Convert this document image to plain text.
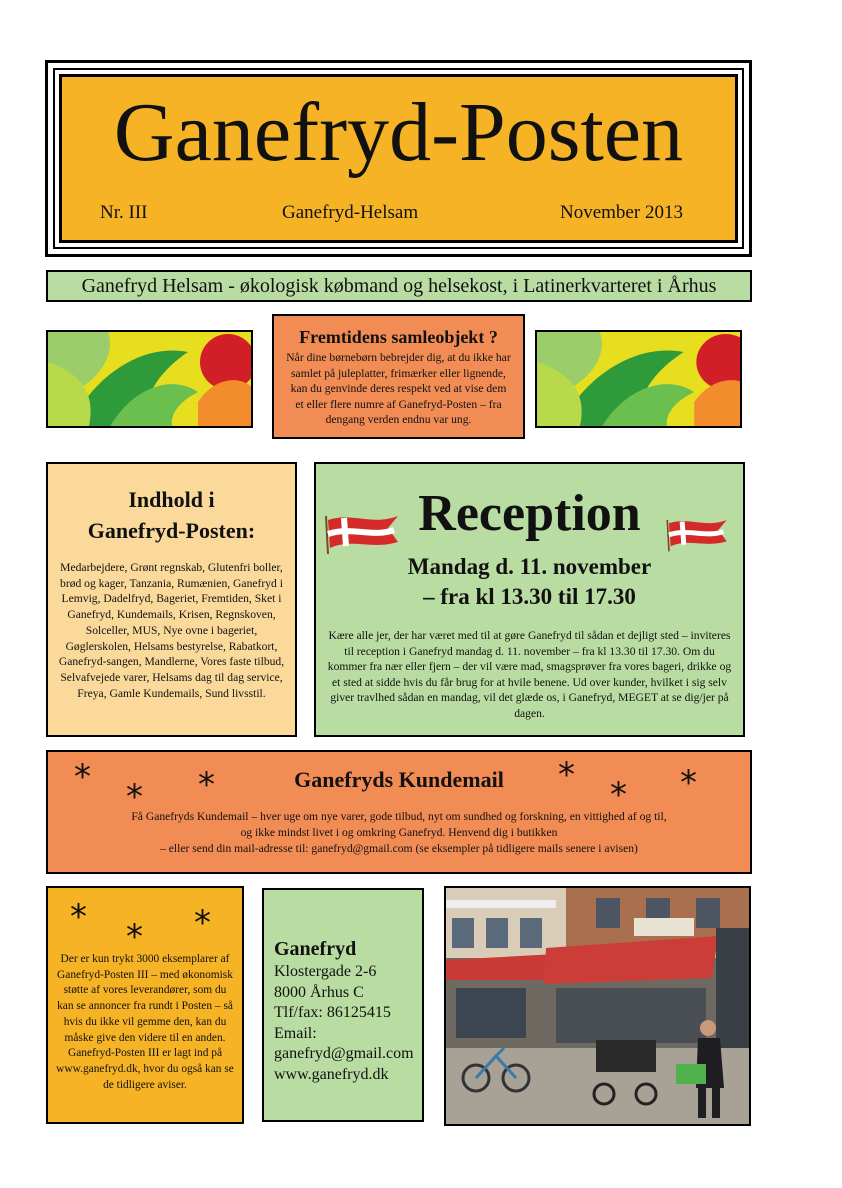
Ganefryd-Posten
Nr. III	Ganefryd-Helsam	November 2013
Ganefryd Helsam - økologisk købmand og helsekost, i Latinerkvarteret i Århus
Fremtidens samleobjekt ?

Når dine børnebørn bebrejder dig, at du ikke har samlet på juleplatter, frimærker eller lignende, kan du genvinde deres respekt ved at vise dem et eller flere numre af Ganefryd-Posten – fra dengang verden endnu var ung.

Indhold i
Ganefryd-Posten:

Medarbejdere, Grønt regnskab, Glutenfri boller, brød og kager, Tanzania, Rumænien, Ganefryd i Lemvig, Dadelfryd, Bageriet, Fremtiden, Sket i Ganefryd, Kundemails, Krisen, Regnskoven, Solceller, MUS, Nye ovne i bageriet, Gøglerskolen, Helsams bestyrelse, Rabatkort, Ganefryd-sangen, Mandlerne, Vores faste tilbud, Selvafvejede varer, Helsams dag til dag service, Freya, Gamle Kundemails, Sund livsstil.

Reception
Mandag d. 11. november
– fra kl 13.30 til 17.30
Kære alle jer, der har været med til at gøre Ganefryd til sådan et dejligt sted – inviteres til reception i Ganefryd mandag d. 11. november – fra kl 13.30 til 17.30. Om du kommer fra nær eller fjern – der vil være mad, smagsprøver fra vores bageri, drikke og et sted at sidde hvis du får brug for at hvile benene. Ud over kunder, hvilket i sig selv giver travlhed sådan en mandag, vil det glæde os, i Ganefryd, MEGET at se dig/jer på dagen.
Ganefryds Kundemail

Få Ganefryds Kundemail – hver uge om nye varer, gode tilbud, nyt om sundhed og forskning, en vittighed af og til,
og ikke mindst livet i og omkring Ganefryd. Henvend dig i butikken
– eller send din mail-adresse til: ganefryd@gmail.com (se eksempler på tidligere mails senere i avisen)

* * *	* * *
* * *

Der er kun trykt 3000 eksemplarer af Ganefryd-Posten III – med økonomisk støtte af vores leverandører, som du kan se annoncer fra rundt i Posten – så hvis du ikke vil gemme den, kan du måske give den videre til en anden. Ganefryd-Posten III er lagt ind på www.ganefryd.dk, hvor du også kan se de tidligere aviser.

Ganefryd
Klostergade 2-6
8000 Århus C
Tlf/fax: 86125415
Email:
ganefryd@gmail.com
www.ganefryd.dk
